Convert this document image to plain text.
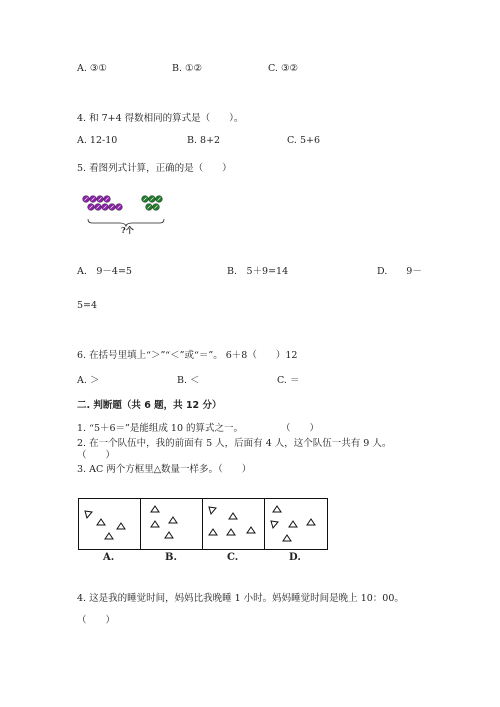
A. ③①	B. ①②	C. ③②
4. 和 7+4 得数相同的算式是（　　）。
A. 12-10	B. 8+2	C. 5+6
5. 看图列式计算，正确的是（　　）
?个
A.　9－4=5	B.　5＋9=14	D.　　9－
5=4
6. 在括号里填上“＞”“＜”或“＝”。 6＋8（　　）12
A. ＞	B. ＜	C. ＝
二. 判断题（共 6 题，共 12 分）
1. “5＋6＝”是能组成 10 的算式之一。　　　　　（　　）
2. 在一个队伍中，我的前面有 5 人，后面有 4 人，这个队伍一共有 9 人。
（　　）
3. AC 两个方框里△数量一样多。（　　）
A.	B.	C.	D.
4. 这是我的睡觉时间，妈妈比我晚睡 1 小时。妈妈睡觉时间是晚上 10：00。
（　　）
